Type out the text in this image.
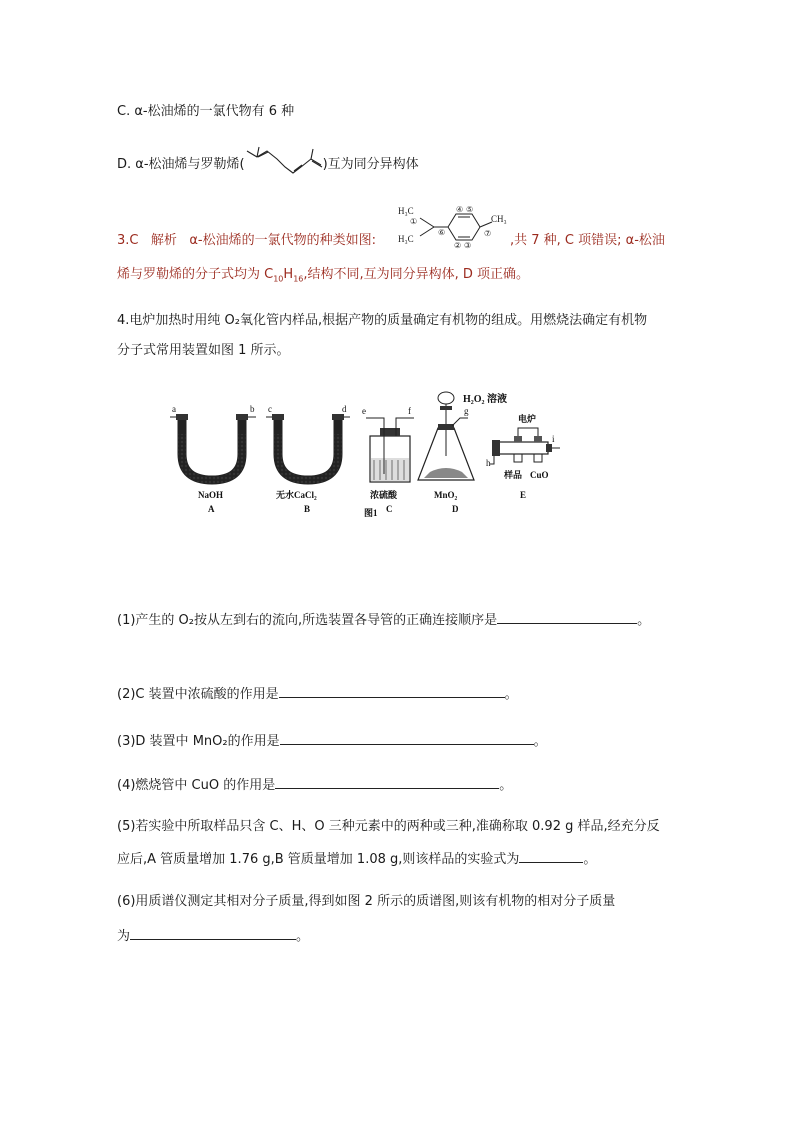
C. α-松油烯的一氯代物有 6 种
D. α-松油烯与罗勒烯(	)互为同分异构体
3.C 解析 α-松油烯的一氯代物的种类如图:
H₃C
H₃C
CH₃
①
④ ⑤
⑥
② ③
⑦ ,共 7 种, C 项错误; α-松油
烯与罗勒烯的分子式均为 $C_{10}H_{16}$,结构不同,互为同分异构体, D 项正确。
4.电炉加热时用纯 O₂氧化管内样品,根据产物的质量确定有机物的组成。用燃烧法确定有机物
分子式常用装置如图 1 所示。
a	b
NaOH
A
c	d
无水CaCl₂
B
e	f
浓硫酸
C
g
H₂O₂ 溶液
MnO₂
D
电炉
i
h
样品 CuO
E
图1
(1)产生的 O₂按从左到右的流向,所选装置各导管的正确连接顺序是	。
(2)C 装置中浓硫酸的作用是	。
(3)D 装置中 MnO₂的作用是	。
(4)燃烧管中 CuO 的作用是	。
(5)若实验中所取样品只含 C、H、O 三种元素中的两种或三种,准确称取 0.92 g 样品,经充分反
应后,A 管质量增加 1.76 g,B 管质量增加 1.08 g,则该样品的实验式为	。
(6)用质谱仪测定其相对分子质量,得到如图 2 所示的质谱图,则该有机物的相对分子质量
为	。
